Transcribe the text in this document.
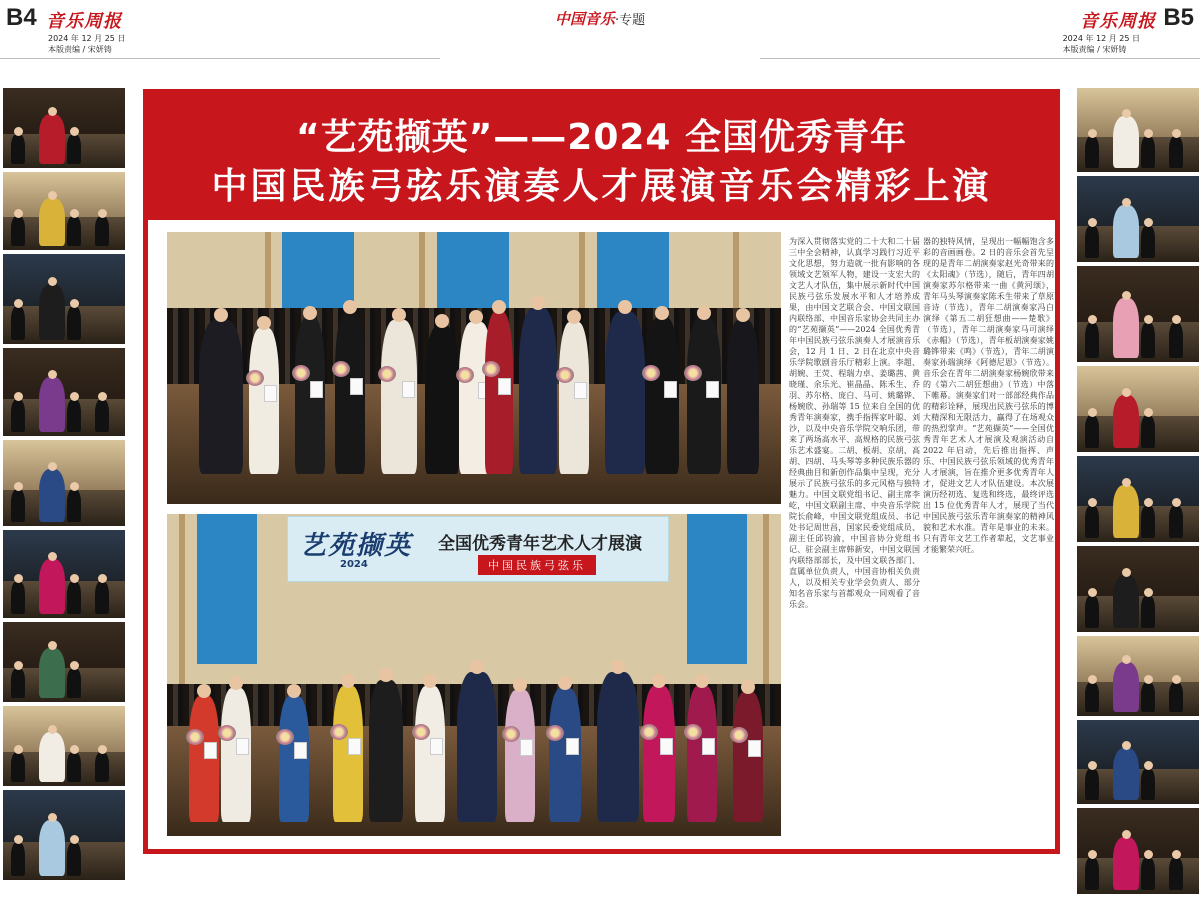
B4 音乐周报
2024 年 12 月 25 日
本版责编 / 宋妍铸
中国音乐·专题	音乐周报 B5
2024 年 12 月 25 日
本版责编 / 宋妍铸
“艺苑撷英”——2024 全国优秀青年
中国民族弓弦乐演奏人才展演音乐会精彩上演
艺苑撷英
2024
全国优秀青年艺术人才展演
中国民族弓弦乐
为深入贯彻落实党的二十大和二十届三中全会精神，认真学习践行习近平文化思想，努力造就一批有影响的各领域文艺领军人物，建设一支宏大的文艺人才队伍，集中展示新时代中国民族弓弦乐发展水平和人才培养成果，由中国文艺联合会、中国文联国内联络部、中国音乐家协会共同主办的“艺苑撷英”——2024 全国优秀青年中国民族弓弦乐演奏人才展演音乐会，12 月 1 日、2 日在北京中央音乐学院歌剧音乐厅精彩上演。李超、胡婉、王荧、程瑞力卓、姜璐茜、黄晓瑾、余乐光、崔晶晶、陈禾生、乔羽、苏尔格、庞白、马可、姚璐铧、杨婉欣、孙瑞等 15 位来自全国的优秀青年演奏家，携手指挥家叶聪、刘沙，以及中央音乐学院交响乐团，带来了两场高水平、高规格的民族弓弦乐艺术盛宴。二胡、板胡、京胡、高胡、四胡、马头琴等多种民族乐器的经典曲目和新创作品集中呈现，充分展示了民族弓弦乐的多元风格与独特魅力。中国文联党组书记、副主席李屹，中国文联副主席、中央音乐学院院长俞峰，中国文联党组成员、书记处书记周世昌，国家民委党组成员、副主任邱钧渝，中国音协分党组书记、驻会副主席韩新安，中国文联国内联络部部长，及中国文联各部门、直属单位负责人，中国音协相关负责人，以及相关专业学会负责人、部分知名音乐家与首都观众一同观看了音乐会。
器的独特风情，呈现出一幅幅饱含多彩的音画画卷。2 日的音乐会首先呈现的是青年二胡演奏家赵光奇带来的《太阳魂》（节选），随后，青年四胡演奏家苏尔格带来一曲《黄河颂》，青年马头琴演奏家陈禾生带来了草原音诗（节选），青年二胡演奏家冯白演绎《第五二胡狂想曲——楚歌》（节选），青年二胡演奏家马可演绎《赤帽》（节选），青年板胡演奏家姚璐铧带来《鸣》（节选），青年二胡演奏家孙瑞演绎《阿德尼恩》（节选）。音乐会在青年二胡演奏家杨婉欣带来的《第六二胡狂想曲》（节选）中落下帷幕。演奏家们对一部部经典作品的精彩诠释，展现出民族弓弦乐的博大精深和无限活力，赢得了在场观众的热烈掌声。“艺苑撷英”——全国优秀青年艺术人才展演及观演活动自 2022 年启动，先后推出指挥、声乐、中国民族弓弦乐领域的优秀青年人才展演，旨在推介更多优秀青年人才，促进文艺人才队伍建设。本次展演历经初选、复选和终选，最终评选出 15 位优秀青年人才，展现了当代中国民族弓弦乐青年演奏家的精神风貌和艺术水准。青年是事业的未来。只有青年文艺工作者辈起，文艺事业才能繁荣兴旺。
